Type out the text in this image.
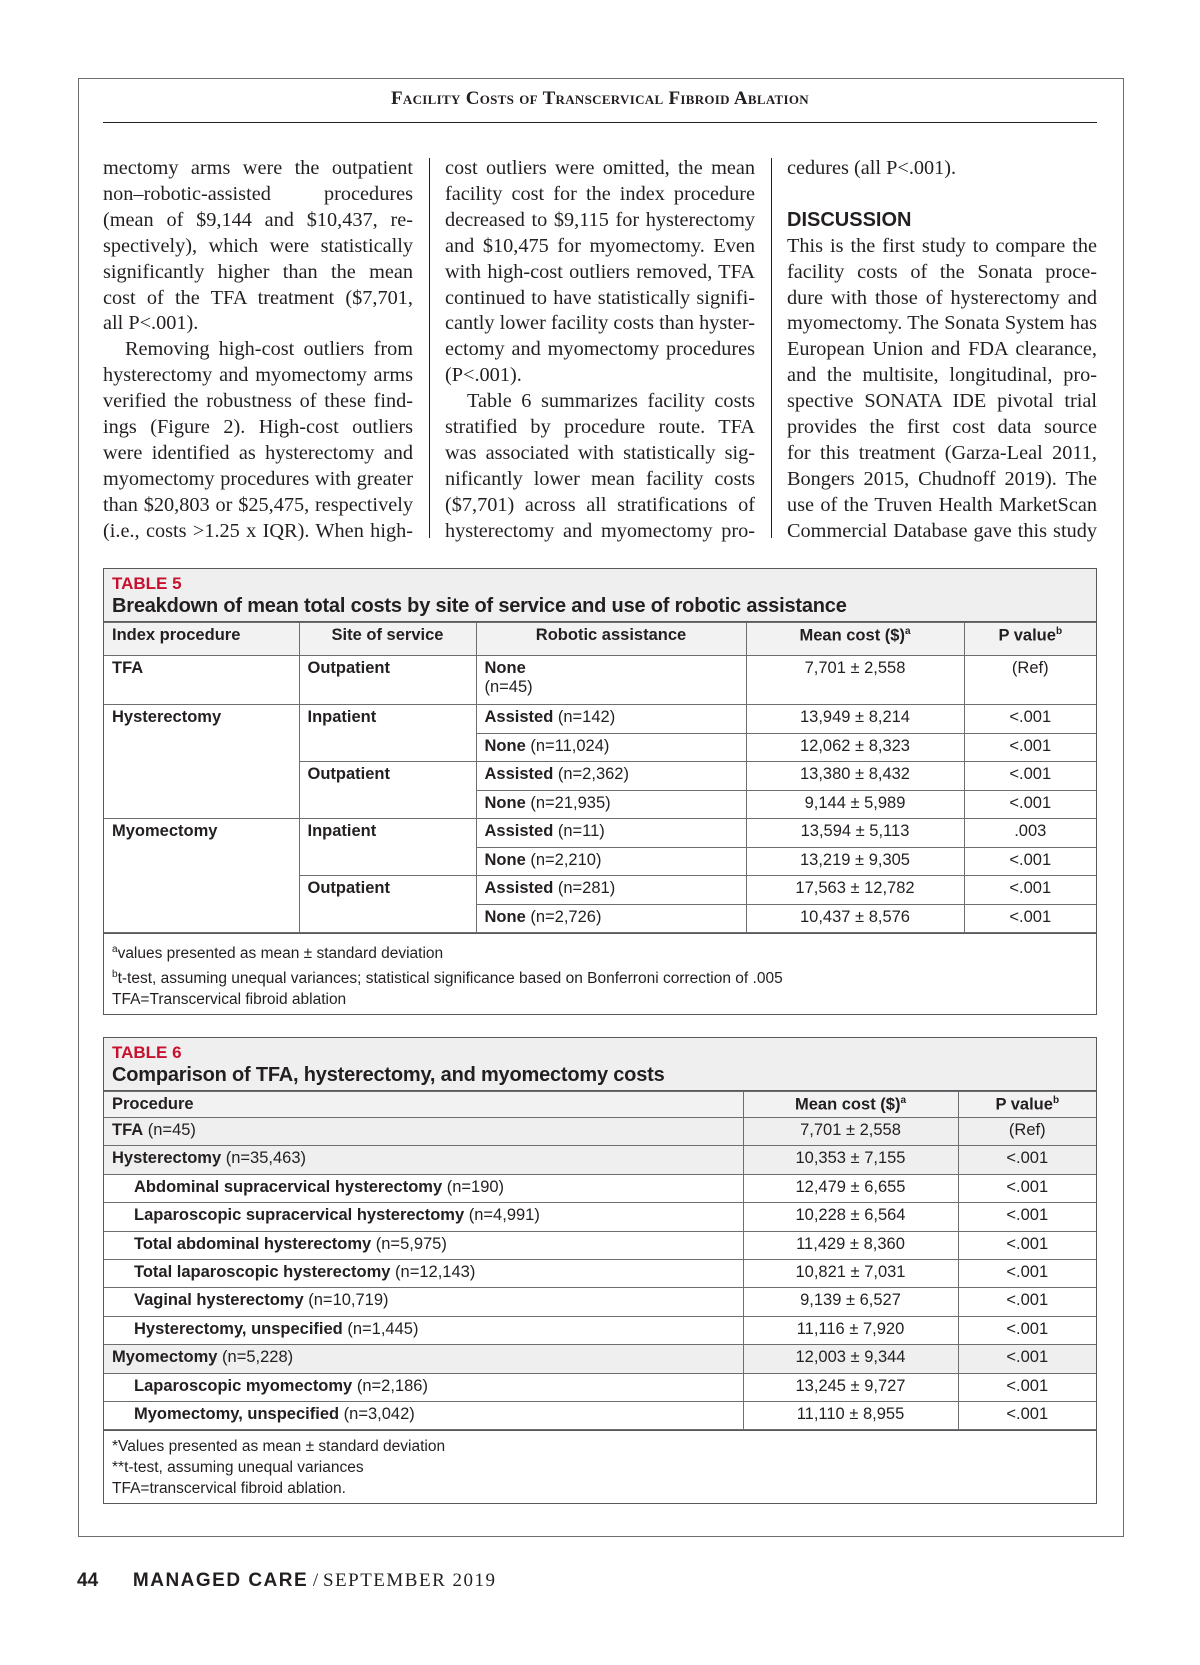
Facility Costs of Transcervical Fibroid Ablation
mectomy arms were the outpatient
non–robotic-assisted procedures
(mean of $9,144 and $10,437, re-
spectively), which were statistically
significantly higher than the mean
cost of the TFA treatment ($7,701,
all P<.001).
Removing high-cost outliers from
hysterectomy and myomectomy arms
verified the robustness of these find-
ings (Figure 2). High-cost outliers
were identified as hysterectomy and
myomectomy procedures with greater
than $20,803 or $25,475, respectively
(i.e., costs >1.25 x IQR). When high-
cost outliers were omitted, the mean
facility cost for the index procedure
decreased to $9,115 for hysterectomy
and $10,475 for myomectomy. Even
with high-cost outliers removed, TFA
continued to have statistically signifi-
cantly lower facility costs than hyster-
ectomy and myomectomy procedures
(P<.001).
Table 6 summarizes facility costs
stratified by procedure route. TFA
was associated with statistically sig-
nificantly lower mean facility costs
($7,701) across all stratifications of
hysterectomy and myomectomy pro-
cedures (all P<.001).
DISCUSSION
This is the first study to compare the
facility costs of the Sonata proce-
dure with those of hysterectomy and
myomectomy. The Sonata System has
European Union and FDA clearance,
and the multisite, longitudinal, pro-
spective SONATA IDE pivotal trial
provides the first cost data source
for this treatment (Garza-Leal 2011,
Bongers 2015, Chudnoff 2019). The
use of the Truven Health MarketScan
Commercial Database gave this study
TABLE 5
Breakdown of mean total costs by site of service and use of robotic assistance
Index procedure	Site of service	Robotic assistance	Mean cost ($)$^a$	P value$^b$
TFA	Outpatient	None
(n=45)	7,701 ± 2,558	(Ref)
Hysterectomy	Inpatient	Assisted (n=142)	13,949 ± 8,214	<.001
		None (n=11,024)	12,062 ± 8,323	<.001
	Outpatient	Assisted (n=2,362)	13,380 ± 8,432	<.001
		None (n=21,935)	9,144 ± 5,989	<.001
Myomectomy	Inpatient	Assisted (n=11)	13,594 ± 5,113	.003
		None (n=2,210)	13,219 ± 9,305	<.001
	Outpatient	Assisted (n=281)	17,563 ± 12,782	<.001
		None (n=2,726)	10,437 ± 8,576	<.001
$^a$values presented as mean ± standard deviation
$^b$t-test, assuming unequal variances; statistical significance based on Bonferroni correction of .005
TFA=Transcervical fibroid ablation
TABLE 6
Comparison of TFA, hysterectomy, and myomectomy costs
Procedure	Mean cost ($)$^a$	P value$^b$
TFA (n=45)	7,701 ± 2,558	(Ref)
Hysterectomy (n=35,463)	10,353 ± 7,155	<.001
Abdominal supracervical hysterectomy (n=190)	12,479 ± 6,655	<.001
Laparoscopic supracervical hysterectomy (n=4,991)	10,228 ± 6,564	<.001
Total abdominal hysterectomy (n=5,975)	11,429 ± 8,360	<.001
Total laparoscopic hysterectomy (n=12,143)	10,821 ± 7,031	<.001
Vaginal hysterectomy (n=10,719)	9,139 ± 6,527	<.001
Hysterectomy, unspecified (n=1,445)	11,116 ± 7,920	<.001
Myomectomy (n=5,228)	12,003 ± 9,344	<.001
Laparoscopic myomectomy (n=2,186)	13,245 ± 9,727	<.001
Myomectomy, unspecified (n=3,042)	11,110 ± 8,955	<.001
*Values presented as mean ± standard deviation
**t-test, assuming unequal variances
TFA=transcervical fibroid ablation.
44 MANAGED CARE / SEPTEMBER 2019
